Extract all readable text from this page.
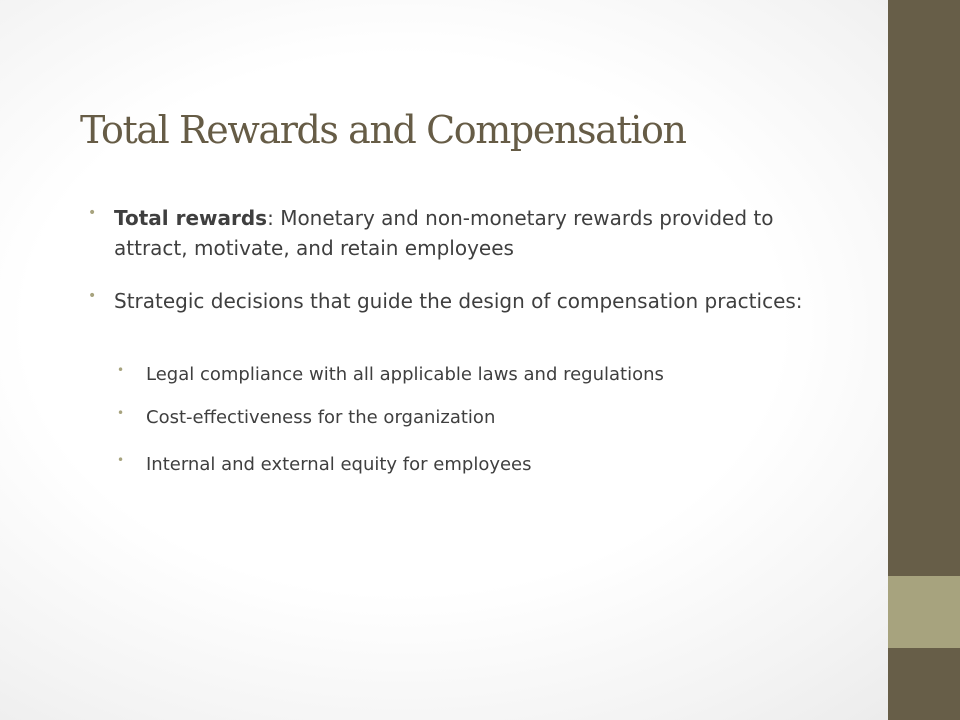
Total Rewards and Compensation
• Total rewards: Monetary and non-monetary rewards provided to attract, motivate, and retain employees
• Strategic decisions that guide the design of compensation practices:
• Legal compliance with all applicable laws and regulations
• Cost-effectiveness for the organization
• Internal and external equity for employees
